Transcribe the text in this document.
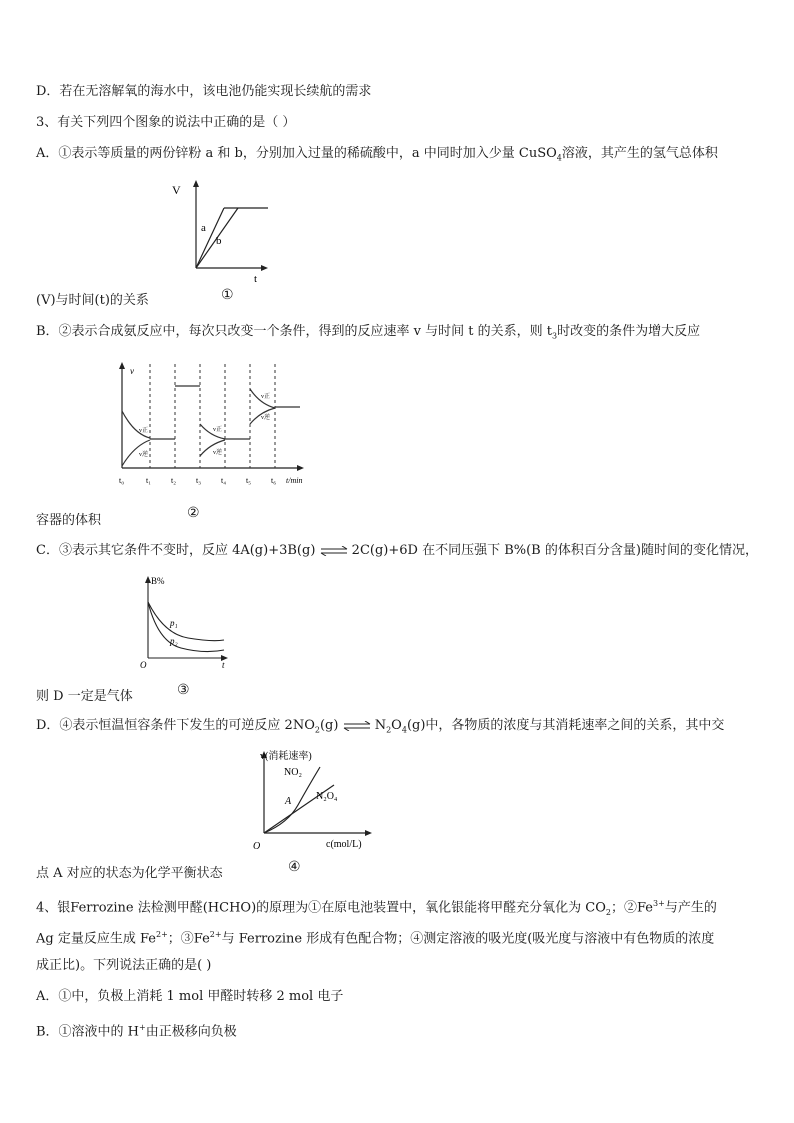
D．若在无溶解氧的海水中，该电池仍能实现长续航的需求
3、有关下列四个图象的说法中正确的是（ ）
A．①表示等质量的两份锌粉 a 和 b，分别加入过量的稀硫酸中，a 中同时加入少量 CuSO$_4$溶液，其产生的氢气总体积
V
t
a
b
①
(V)与时间(t)的关系
B．②表示合成氨反应中，每次只改变一个条件，得到的反应速率 v 与时间 t 的关系，则 $t_3$时改变的条件为增大反应
v
t/min
t₀	t₁ t₂ t₃ t₄ t₅ t₆
v正
v逆
v正
v逆
v逆
v正
②
容器的体积
C．③表示其它条件不变时，反应 4A(g)+3B(g) ⇌ 2C(g)+6D 在不同压强下 B%(B 的体积百分含量)随时间的变化情况，
B%
t
O
p₁
p₂
③
则 D 一定是气体
D．④表示恒温恒容条件下发生的可逆反应 $2NO_2(g)$ ⇌ $N_2O_4(g)$中，各物质的浓度与其消耗速率之间的关系，其中交
v(消耗速率)
c(mol/L)
O
A
NO₂
N₂O₄
④
点 A 对应的状态为化学平衡状态
4、银Ferrozine 法检测甲醛(HCHO)的原理为①在原电池装置中，氧化银能将甲醛充分氧化为 $CO_2$；$②Fe^{3+}$与产生的
Ag 定量反应生成 $Fe^{2+}$；$③Fe^{2+}$与 Ferrozine 形成有色配合物；④测定溶液的吸光度(吸光度与溶液中有色物质的浓度
成正比)。下列说法正确的是( )
A．①中，负极上消耗 1 mol 甲醛时转移 2 mol 电子
B．①溶液中的 H+由正极移向负极
